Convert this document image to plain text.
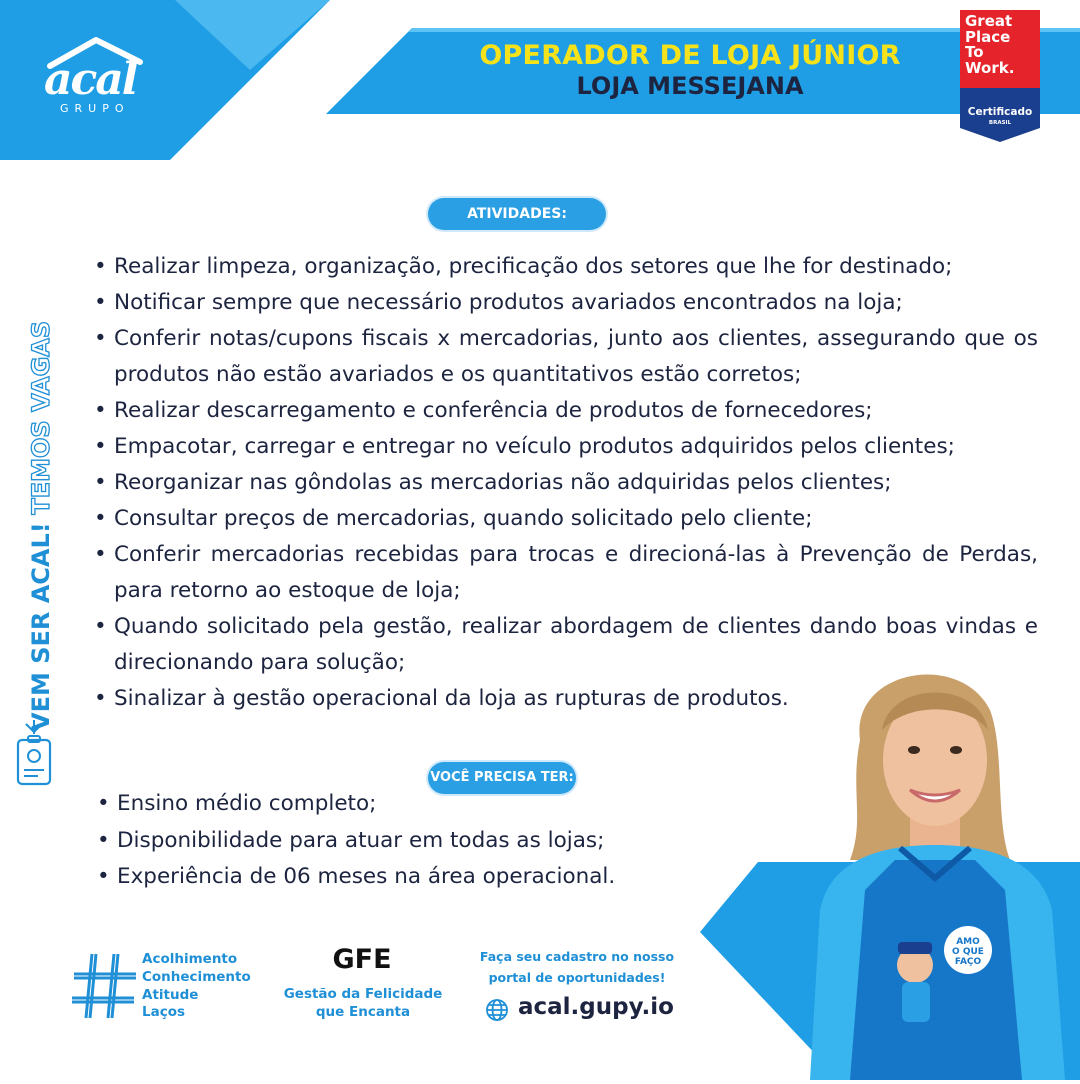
OPERADOR DE LOJA JÚNIOR
LOJA MESSEJANA
acal
GRUPO
Great
Place
To
Work.
Certificado
BRASIL
ATIVIDADES:
• Realizar limpeza, organização, precificação dos setores que lhe for destinado;
• Notificar sempre que necessário produtos avariados encontrados na loja;
• Conferir notas/cupons fiscais x mercadorias, junto aos clientes, assegurando que os produtos não estão avariados e os quantitativos estão corretos;
• Realizar descarregamento e conferência de produtos de fornecedores;
• Empacotar, carregar e entregar no veículo produtos adquiridos pelos clientes;
• Reorganizar nas gôndolas as mercadorias não adquiridas pelos clientes;
• Consultar preços de mercadorias, quando solicitado pelo cliente;
• Conferir mercadorias recebidas para trocas e direcioná-las à Prevenção de Perdas, para retorno ao estoque de loja;
• Quando solicitado pela gestão, realizar abordagem de clientes dando boas vindas e direcionando para solução;
• Sinalizar à gestão operacional da loja as rupturas de produtos.
VOCÊ PRECISA TER:
• Ensino médio completo;
• Disponibilidade para atuar em todas as lojas;
• Experiência de 06 meses na área operacional.
VEM SER ACAL! TEMOS VAGAS
AMO
O QUE
FAÇO
Acolhimento
Conhecimento
Atitude
Laços
GFE
Gestão da Felicidade
que Encanta
Faça seu cadastro no nosso
portal de oportunidades!
acal.gupy.io
